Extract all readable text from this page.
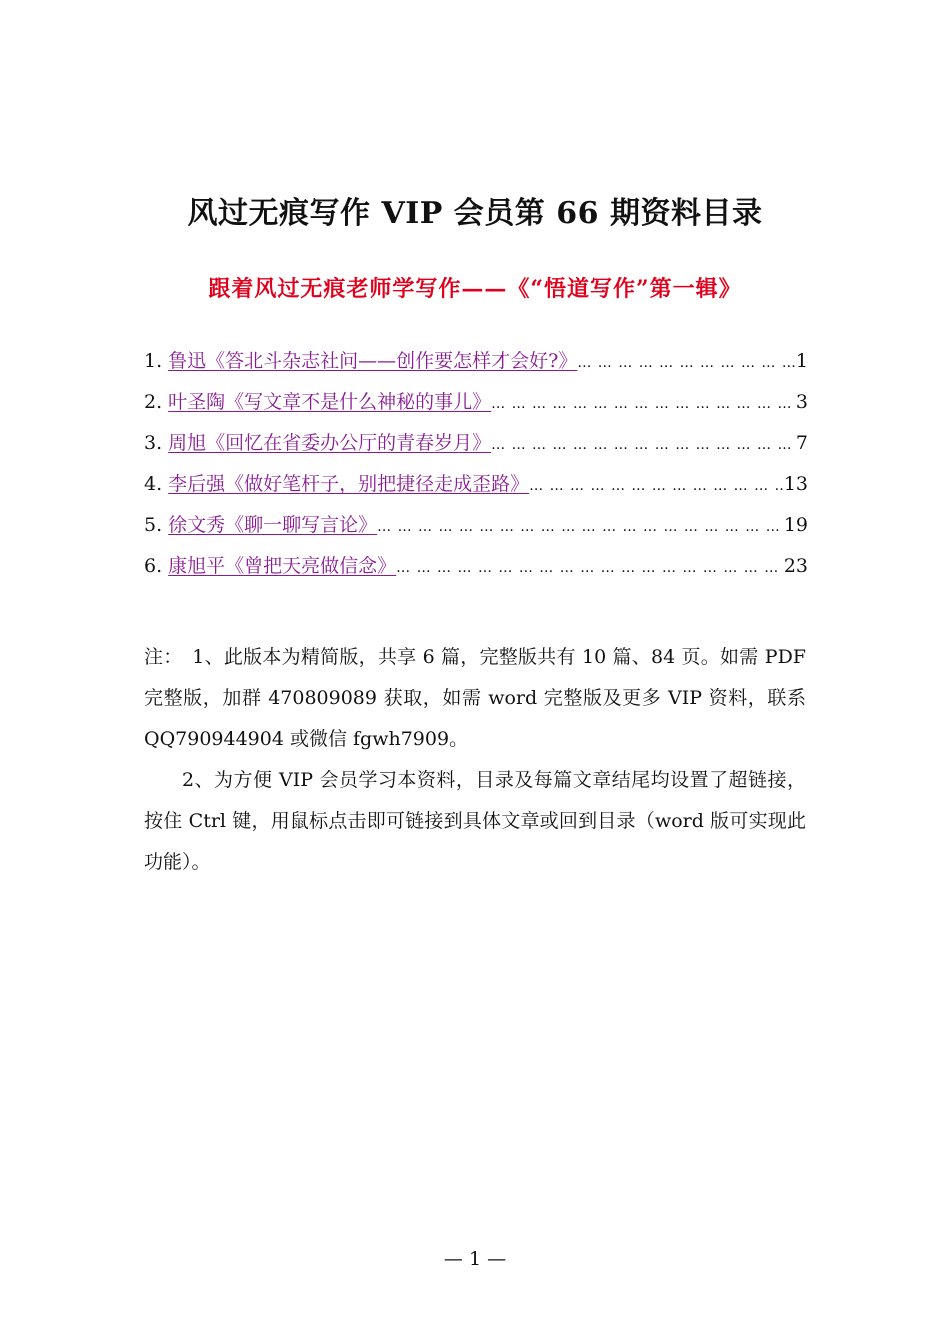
风过无痕写作 VIP 会员第 66 期资料目录
跟着风过无痕老师学写作——《“悟道写作”第一辑》
1. 鲁迅《答北斗杂志社问——创作要怎样才会好?》 … … … … … … … … … … … … … … … … … … … … … … … … … … … … … … … … … … … … … … … …	1
2. 叶圣陶《写文章不是什么神秘的事儿》 … … … … … … … … … … … … … … … … … … … … … … … … … … … … … … … … … … … … … … … …	3
3. 周旭《回忆在省委办公厅的青春岁月》 … … … … … … … … … … … … … … … … … … … … … … … … … … … … … … … … … … … … … … … …	7
4. 李后强《做好笔杆子，别把捷径走成歪路》 … … … … … … … … … … … … … … … … … … … … … … … … … … … … … … … … … … … … … … … …	13
5. 徐文秀《聊一聊写言论》 … … … … … … … … … … … … … … … … … … … … … … … … … … … … … … … … … … … … … … … …	19
6. 康旭平《曾把天亮做信念》 … … … … … … … … … … … … … … … … … … … … … … … … … … … … … … … … … … … … … … … …	23

注：　1、此版本为精简版，共享 6 篇，完整版共有 10 篇、84 页。如需 PDF 完整版，加群 470809089 获取，如需 word 完整版及更多 VIP 资料，联系 QQ790944904 或微信 fgwh7909。

2、为方便 VIP 会员学习本资料，目录及每篇文章结尾均设置了超链接，按住 Ctrl 键，用鼠标点击即可链接到具体文章或回到目录（word 版可实现此功能）。

— 1 —
